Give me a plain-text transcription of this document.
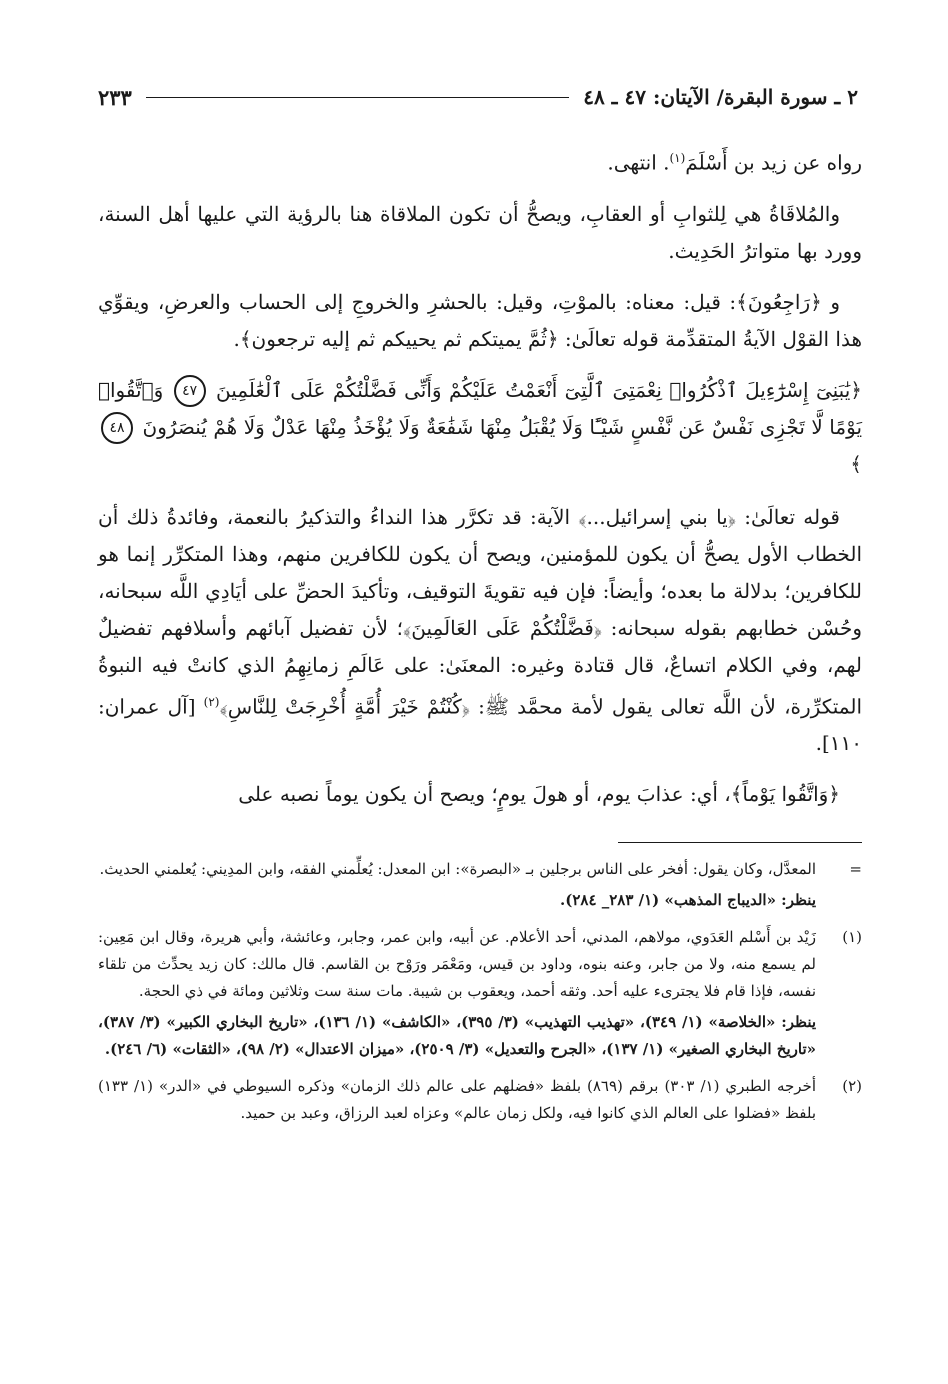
٢ ـ سورة البقرة/ الآيتان: ٤٧ ـ ٤٨
٢٣٣

رواه عن زيد بن أَسْلَمَ$^{(١)}$. انتهى.

والمُلاقَاةُ هي لِلثوابِ أو العقابِ، ويصحُّ أن تكون الملاقاة هنا بالرؤية التي عليها أهل السنة، وورد بها متواترُ الحَدِيث.

و ﴿رَاجِعُونَ﴾: قيل: معناه: بالموْتِ، وقيل: بالحشرِ والخروجِ إلى الحساب والعرضِ، ويقوِّي هذا القوْل الآيةُ المتقدِّمة قوله تعالَىٰ: ﴿ثُمَّ يميتكم ثم يحييكم ثم إليه ترجعون﴾.

﴿يَٰبَنِىٓ إِسْرَٰٓءِيلَ ٱذْكُرُوا۟ نِعْمَتِىَ ٱلَّتِىٓ أَنْعَمْتُ عَلَيْكُمْ وَأَنِّى فَضَّلْتُكُمْ عَلَى ٱلْعَٰلَمِينَ ٤٧ وَٱتَّقُوا۟ يَوْمًا لَّا تَجْزِى نَفْسٌ عَن نَّفْسٍ شَيْـًٔا وَلَا يُقْبَلُ مِنْهَا شَفَٰعَةٌ وَلَا يُؤْخَذُ مِنْهَا عَدْلٌ وَلَا هُمْ يُنصَرُونَ ٤٨ ﴾

قوله تعالَىٰ: ﴿يا بني إسرائيل...﴾ الآية: قد تكرَّر هذا النداءُ والتذكيرُ بالنعمة، وفائدةُ ذلك أن الخطاب الأول يصحُّ أن يكون للمؤمنين، ويصح أن يكون للكافرين منهم، وهذا المتكرِّر إنما هو للكافرين؛ بدلالة ما بعده؛ وأيضاً: فإن فيه تقويةَ التوقيف، وتأكيدَ الحضِّ على أيَادِي اللَّه سبحانه، وحُسْن خطابهم بقوله سبحانه: ﴿فَضَّلْتُكُمْ عَلَى العَالَمِينَ﴾؛ لأن تفضيل آبائهم وأسلافهم تفضيلٌ لهم، وفي الكلام اتساعٌ، قال قتادة وغيره: المعنَىٰ: على عَالَمِ زمانِهِمُ الذي كانتْ فيه النبوةُ المتكرِّرة، لأن اللَّه تعالى يقول لأمة محمَّد ﷺ: ﴿كُنْتُمْ خَيْرَ أُمَّةٍ أُخْرِجَتْ لِلنَّاسِ﴾$^{(٢)}$ [آل عمران: ١١٠].

﴿وَاتَّقُوا يَوْماً﴾، أي: عذابَ يوم، أو هولَ يومٍ؛ ويصح أن يكون يوماً نصبه على

=

المعدَّل، وكان يقول: أفخر على الناس برجلين بـ «البصرة»: ابن المعدل: يُعلِّمني الفقه، وابن المدِيني: يُعلمني الحديث.

ينظر: «الديباج المذهب» (١/ ٢٨٣_ ٢٨٤).

(١)

زَيْد بن أَسْلم العَدَوي، مولاهم، المدني، أحد الأعلام. عن أبيه، وابن عمر، وجابر، وعائشة، وأبي هريرة، وقال ابن مَعِين: لم يسمع منه، ولا من جابر، وعنه بنوه، وداود بن قيس، ومَعْمَر ورَوْح بن القاسم. قال مالك: كان زيد يحدِّث من تلقاء نفسه، فإذا قام فلا يجترىء عليه أحد. وثقه أحمد، ويعقوب بن شيبة. مات سنة ست وثلاثين ومائة في ذي الحجة.

ينظر: «الخلاصة» (١/ ٣٤٩)، «تهذيب التهذيب» (٣/ ٣٩٥)، «الكاشف» (١/ ١٣٦)، «تاريخ البخاري الكبير» (٣/ ٣٨٧)، «تاريخ البخاري الصغير» (١/ ١٣٧)، «الجرح والتعديل» (٣/ ٢٥٠٩)، «ميزان الاعتدال» (٢/ ٩٨)، «الثقات» (٦/ ٢٤٦).

(٢)

أخرجه الطبري (١/ ٣٠٣) برقم (٨٦٩) بلفظ «فضلهم على عالم ذلك الزمان» وذكره السيوطي في «الدر» (١/ ١٣٣) بلفظ «فضلوا على العالم الذي كانوا فيه، ولكل زمان عالم» وعزاه لعبد الرزاق، وعبد بن حميد.
